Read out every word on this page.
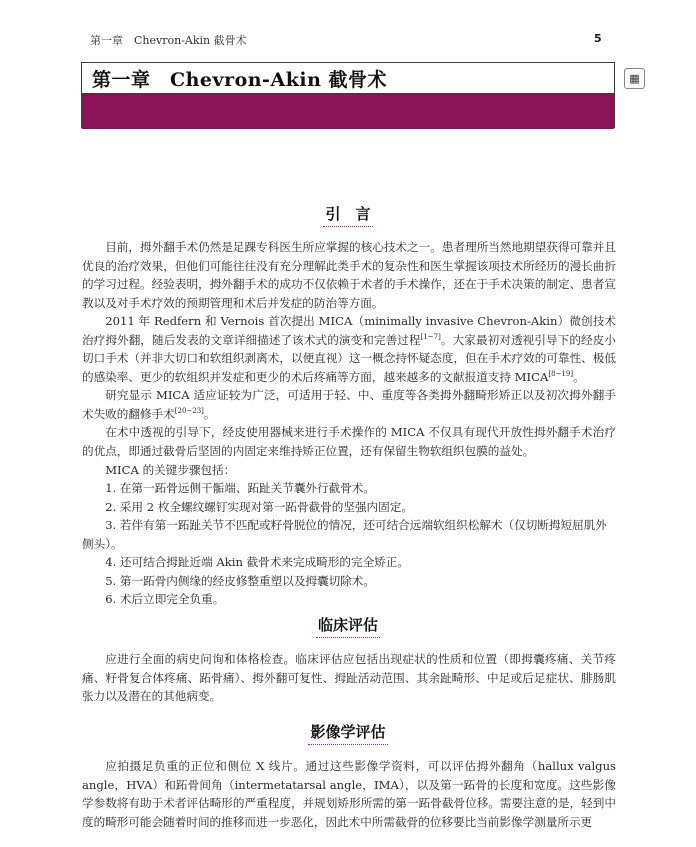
第一章　Chevron-Akin 截骨术	5
第一章　Chevron-Akin 截骨术	▦
引　言

目前，拇外翻手术仍然是足踝专科医生所应掌握的核心技术之一。患者理所当然地期望获得可靠并且优良的治疗效果，但他们可能往往没有充分理解此类手术的复杂性和医生掌握该项技术所经历的漫长曲折的学习过程。经验表明，拇外翻手术的成功不仅依赖于术者的手术操作，还在于手术决策的制定、患者宣教以及对手术疗效的预期管理和术后并发症的防治等方面。

2011 年 Redfern 和 Vernois 首次提出 MICA（minimally invasive Chevron-Akin）微创技术治疗拇外翻，随后发表的文章详细描述了该术式的演变和完善过程[1~7]。大家最初对透视引导下的经皮小切口手术（并非大切口和软组织剥离术，以便直视）这一概念持怀疑态度，但在手术疗效的可靠性、极低的感染率、更少的软组织并发症和更少的术后疼痛等方面，越来越多的文献报道支持 MICA[8~19]。

研究显示 MICA 适应证较为广泛，可适用于轻、中、重度等各类拇外翻畸形矫正以及初次拇外翻手术失败的翻修手术[20~23]。

在术中透视的引导下，经皮使用器械来进行手术操作的 MICA 不仅具有现代开放性拇外翻手术治疗的优点，即通过截骨后坚固的内固定来维持矫正位置，还有保留生物软组织包膜的益处。

MICA 的关键步骤包括：

1. 在第一跖骨远侧干骺端、跖趾关节囊外行截骨术。

2. 采用 2 枚全螺纹螺钉实现对第一跖骨截骨的坚强内固定。

3. 若伴有第一跖趾关节不匹配或籽骨脱位的情况，还可结合远端软组织松解术（仅切断拇短屈肌外侧头）。

4. 还可结合拇趾近端 Akin 截骨术来完成畸形的完全矫正。

5. 第一跖骨内侧缘的经皮修整重塑以及拇囊切除术。

6. 术后立即完全负重。

临床评估

应进行全面的病史问询和体格检查。临床评估应包括出现症状的性质和位置（即拇囊疼痛、关节疼痛、籽骨复合体疼痛、跖骨痛）、拇外翻可复性、拇趾活动范围、其余趾畸形、中足或后足症状、腓肠肌张力以及潜在的其他病变。

影像学评估

应拍摄足负重的正位和侧位 X 线片。通过这些影像学资料，可以评估拇外翻角（hallux valgus angle，HVA）和跖骨间角（intermetatarsal angle，IMA），以及第一跖骨的长度和宽度。这些影像学参数将有助于术者评估畸形的严重程度，并规划矫形所需的第一跖骨截骨位移。需要注意的是，轻到中度的畸形可能会随着时间的推移而进一步恶化，因此术中所需截骨的位移要比当前影像学测量所示更
